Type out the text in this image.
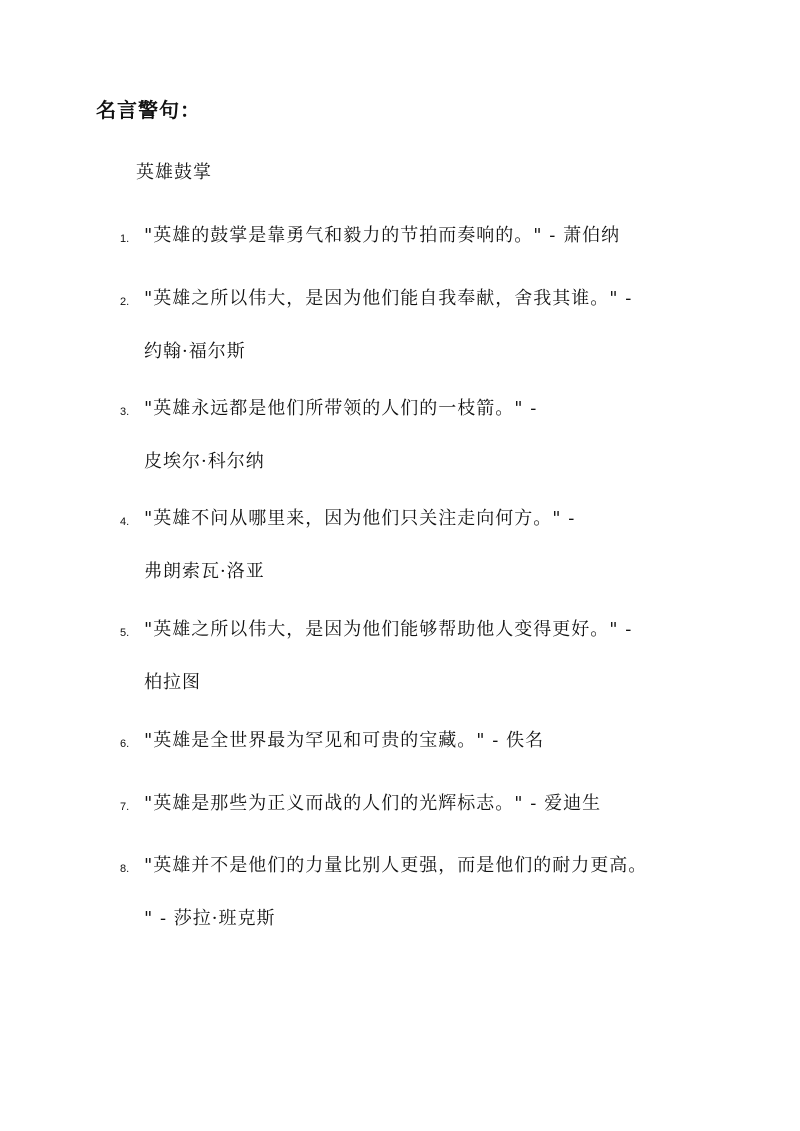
名言警句：
英雄鼓掌
1. "英雄的鼓掌是靠勇气和毅力的节拍而奏响的。" - 萧伯纳
2. "英雄之所以伟大，是因为他们能自我奉献，舍我其谁。" -
约翰·福尔斯
3. "英雄永远都是他们所带领的人们的一枝箭。" -
皮埃尔·科尔纳
4. "英雄不问从哪里来，因为他们只关注走向何方。" -
弗朗索瓦·洛亚
5. "英雄之所以伟大，是因为他们能够帮助他人变得更好。" -
柏拉图
6. "英雄是全世界最为罕见和可贵的宝藏。" - 佚名
7. "英雄是那些为正义而战的人们的光辉标志。" - 爱迪生
8. "英雄并不是他们的力量比别人更强，而是他们的耐力更高。
" - 莎拉·班克斯
